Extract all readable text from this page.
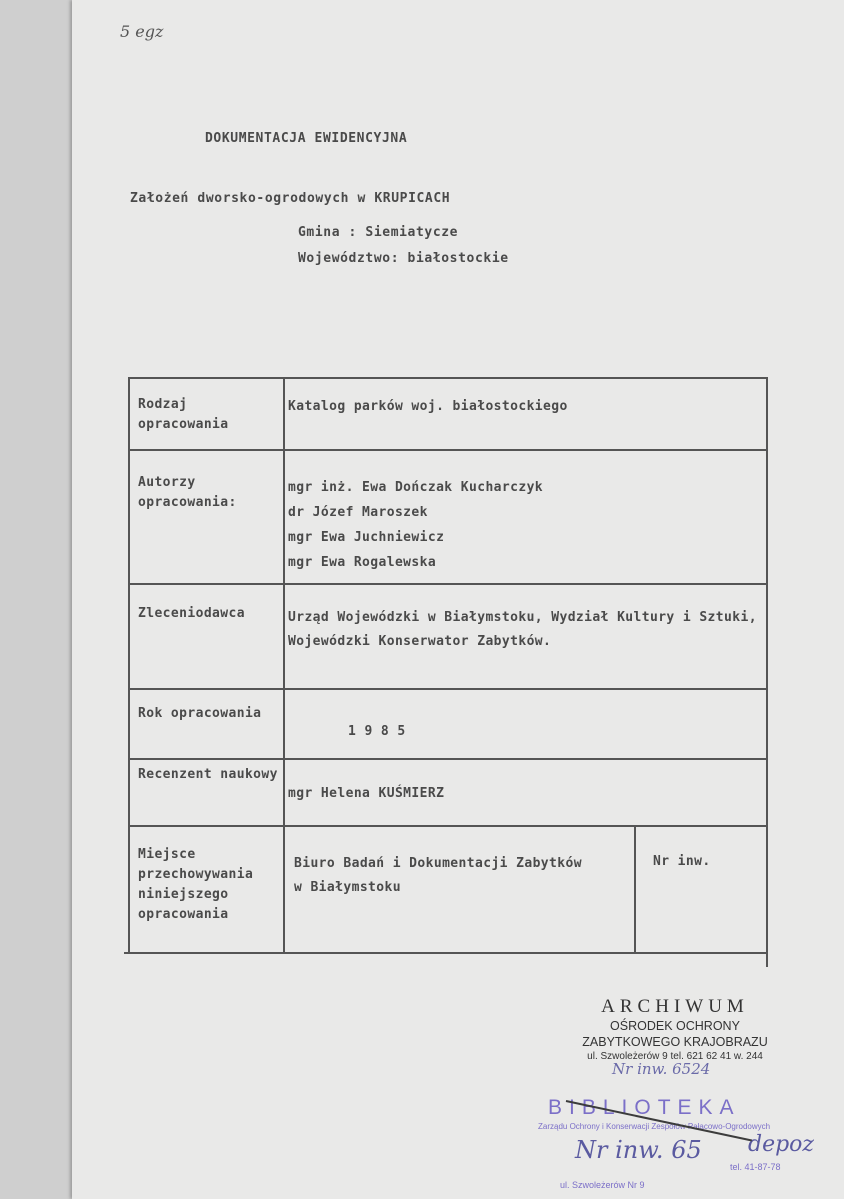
5 egz
DOKUMENTACJA EWIDENCYJNA
Założeń dworsko-ogrodowych w KRUPICACH
Gmina : Siemiatycze
Województwo: białostockie
Rodzaj opracowania
Katalog parków woj. białostockiego
Autorzy opracowania:
mgr inż. Ewa Dończak Kucharczyk
dr Józef Maroszek
mgr Ewa Juchniewicz
mgr Ewa Rogalewska
Zleceniodawca	Urząd Wojewódzki w Białymstoku, Wydział Kultury i Sztuki, Wojewódzki Konserwator Zabytków.
Rok opracowania
1 9 8 5
Recenzent naukowy
mgr Helena KUŚMIERZ
Miejsce przechowywania niniejszego opracowania
Biuro Badań i Dokumentacji Zabytków w Białymstoku
Nr inw.
ARCHIWUM
OŚRODEK OCHRONY
ZABYTKOWEGO KRAJOBRAZU
ul. Szwoleżerów 9 tel. 621 62 41 w. 244
Nr inw. 6524
BIBLIOTEKA
Zarządu Ochrony i Konserwacji Zespołów Pałacowo-Ogrodowych
ul. Szwoleżerów Nr 9
tel. 41-87-78
Nr inw. 65 depoz
